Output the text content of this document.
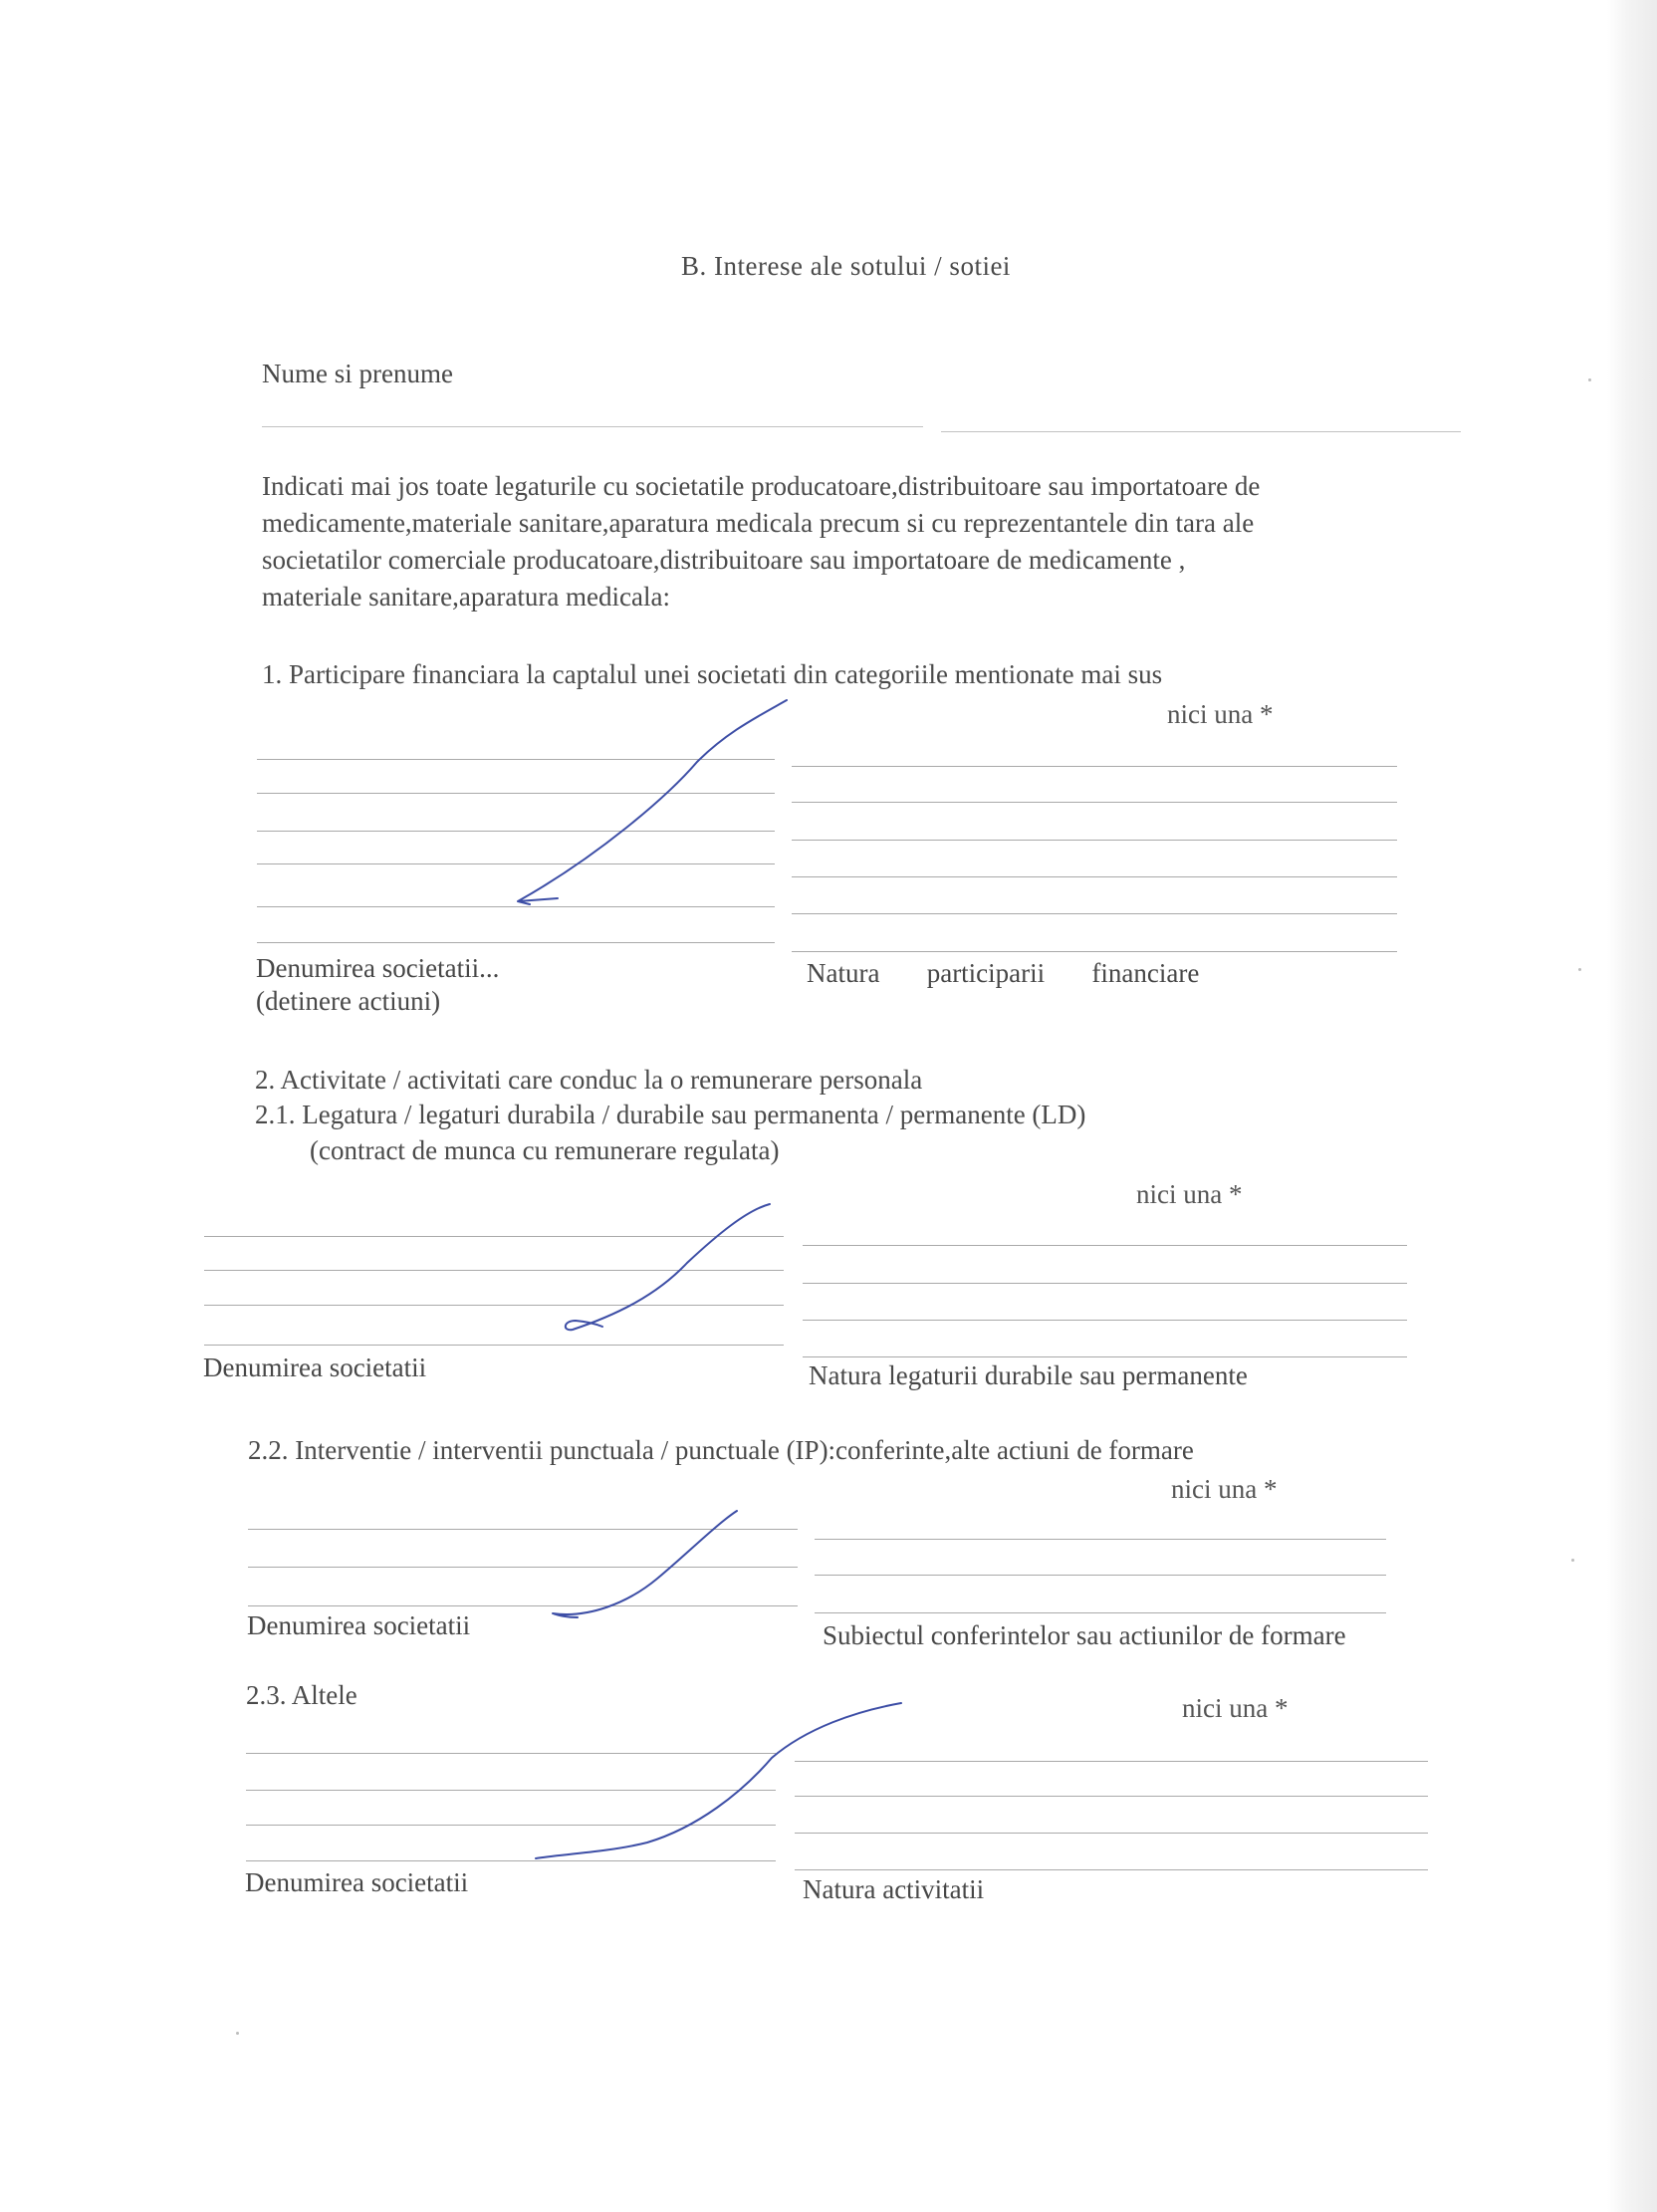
B. Interese ale sotului / sotiei
Nume si prenume
Indicati mai jos toate legaturile cu societatile producatoare,distribuitoare sau importatoare de
medicamente,materiale sanitare,aparatura medicala precum si cu reprezentantele din tara ale
societatilor comerciale producatoare,distribuitoare sau importatoare de medicamente ,
materiale sanitare,aparatura medicala:
1. Participare financiara la captalul unei societati din categoriile mentionate mai sus
nici una *
Denumirea societatii...
(detinere actiuni)
Natura       participarii       financiare
2. Activitate / activitati care conduc la o remunerare personala
2.1. Legatura / legaturi durabila / durabile sau permanenta / permanente (LD)
(contract de munca cu remunerare regulata)
nici una *
Denumirea societatii	Natura legaturii durabile sau permanente
2.2. Interventie / interventii punctuala / punctuale (IP):conferinte,alte actiuni de formare
nici una *
Denumirea societatii	Subiectul conferintelor sau actiunilor de formare
2.3. Altele	nici una *
Denumirea societatii	Natura activitatii
